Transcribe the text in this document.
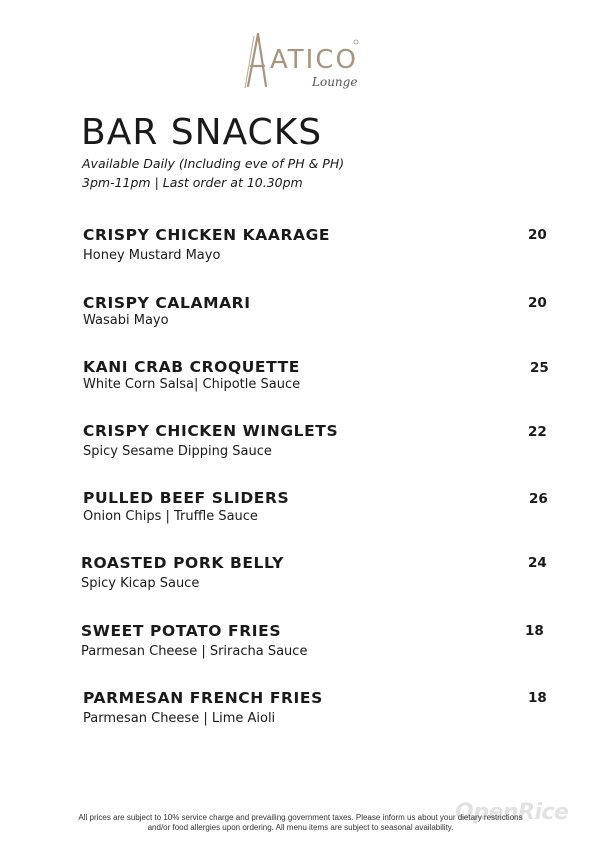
ATICO
Lounge
BAR SNACKS
Available Daily (Including eve of PH & PH)
3pm-11pm | Last order at 10.30pm
CRISPY CHICKEN KAARAGE
Honey Mustard Mayo
20
CRISPY CALAMARI
Wasabi Mayo
20
KANI CRAB CROQUETTE
White Corn Salsa| Chipotle Sauce
25
CRISPY CHICKEN WINGLETS
Spicy Sesame Dipping Sauce
22
PULLED BEEF SLIDERS
Onion Chips | Truffle Sauce
26
ROASTED PORK BELLY
Spicy Kicap Sauce
24
SWEET POTATO FRIES
Parmesan Cheese | Sriracha Sauce
18
PARMESAN FRENCH FRIES
Parmesan Cheese | Lime Aioli
18
OpenRice
All prices are subject to 10% service charge and prevailing government taxes. Please inform us about your dietary restrictions
and/or food allergies upon ordering. All menu items are subject to seasonal availability.
